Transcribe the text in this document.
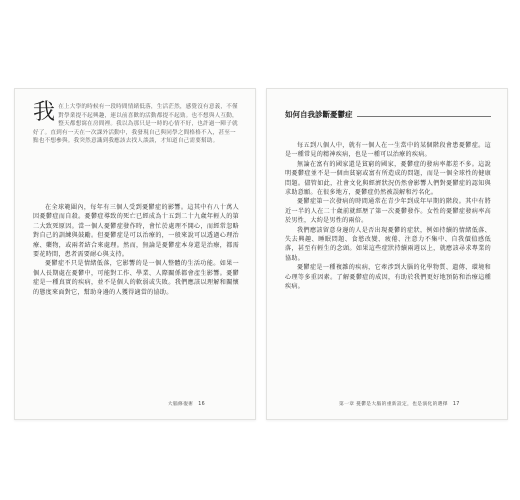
我 在上大學的時候有一段時間情緒低落，生活茫然，感覺沒有意義，不僅對學業提不起興趣，連以前喜歡的活動都提不起勁。也不想與人互動，整天都想窩在房間裡。我以為那只是一時的心情不好，也許過一陣子就好了。直到有一天在一次課外活動中，我發現自己與同學之間格格不入，甚至一點也不想參與。我突然意識到我應該去找人談談，才知道自己需要幫助。

在全球範圍內，每年有三個人受到憂鬱症的影響。這其中有八十萬人因憂鬱症而自殺。憂鬱症導致的死亡已經成為十五到二十九歲年輕人的第二大致死原因。當一個人憂鬱症發作時，會忙於處理不開心，而經常忽略對自己的訓練與鼓勵。但憂鬱症是可以治療的，一般來說可以透過心理治療、藥物，或兩者結合來處理。然而，無論是憂鬱症本身還是治療，都需要花時間，患者需要耐心與支持。

憂鬱症不只是情緒低落，它影響的是一個人整體的生活功能。如果一個人長期處在憂鬱中，可能對工作、學業、人際關係都會產生影響。憂鬱症是一種真實的疾病，並不是個人的軟弱或失敗。我們應該以理解和關懷的態度來面對它，幫助身邊的人獲得適當的協助。

大腦修復術 16
如何自我診斷憂鬱症

每五到八個人中，就有一個人在一生當中的某個階段會患憂鬱症。這是一種常見的精神疾病，也是一種可以治療的疾病。

無論在富有的國家還是貧窮的國家，憂鬱症的發病率都差不多。這說明憂鬱症並不是一個由貧窮或富有所造成的問題，而是一個全球性的健康問題。儘管如此，社會文化與經濟狀況仍然會影響人們對憂鬱症的認知與求助意願。在很多地方，憂鬱症仍然被誤解和污名化。

憂鬱症第一次發病的時間通常在青少年到成年早期的階段。其中有將近一半的人在二十歲前就經歷了第一次憂鬱發作。女性的憂鬱症發病率高於男性，大約是男性的兩倍。

我們應該留意身邊的人是否出現憂鬱的症狀，例如持續的情緒低落、失去興趣、睡眠問題、食慾改變、疲倦、注意力不集中、自我價值感低落，甚至有輕生的念頭。如果這些症狀持續兩週以上，就應該尋求專業的協助。

憂鬱症是一種複雜的疾病，它牽涉到大腦的化學物質、遺傳、環境和心理等多重因素。了解憂鬱症的成因，有助於我們更好地預防和治療這種疾病。

第一章 憂鬱是大腦的重新設定，也是演化的選擇 17
